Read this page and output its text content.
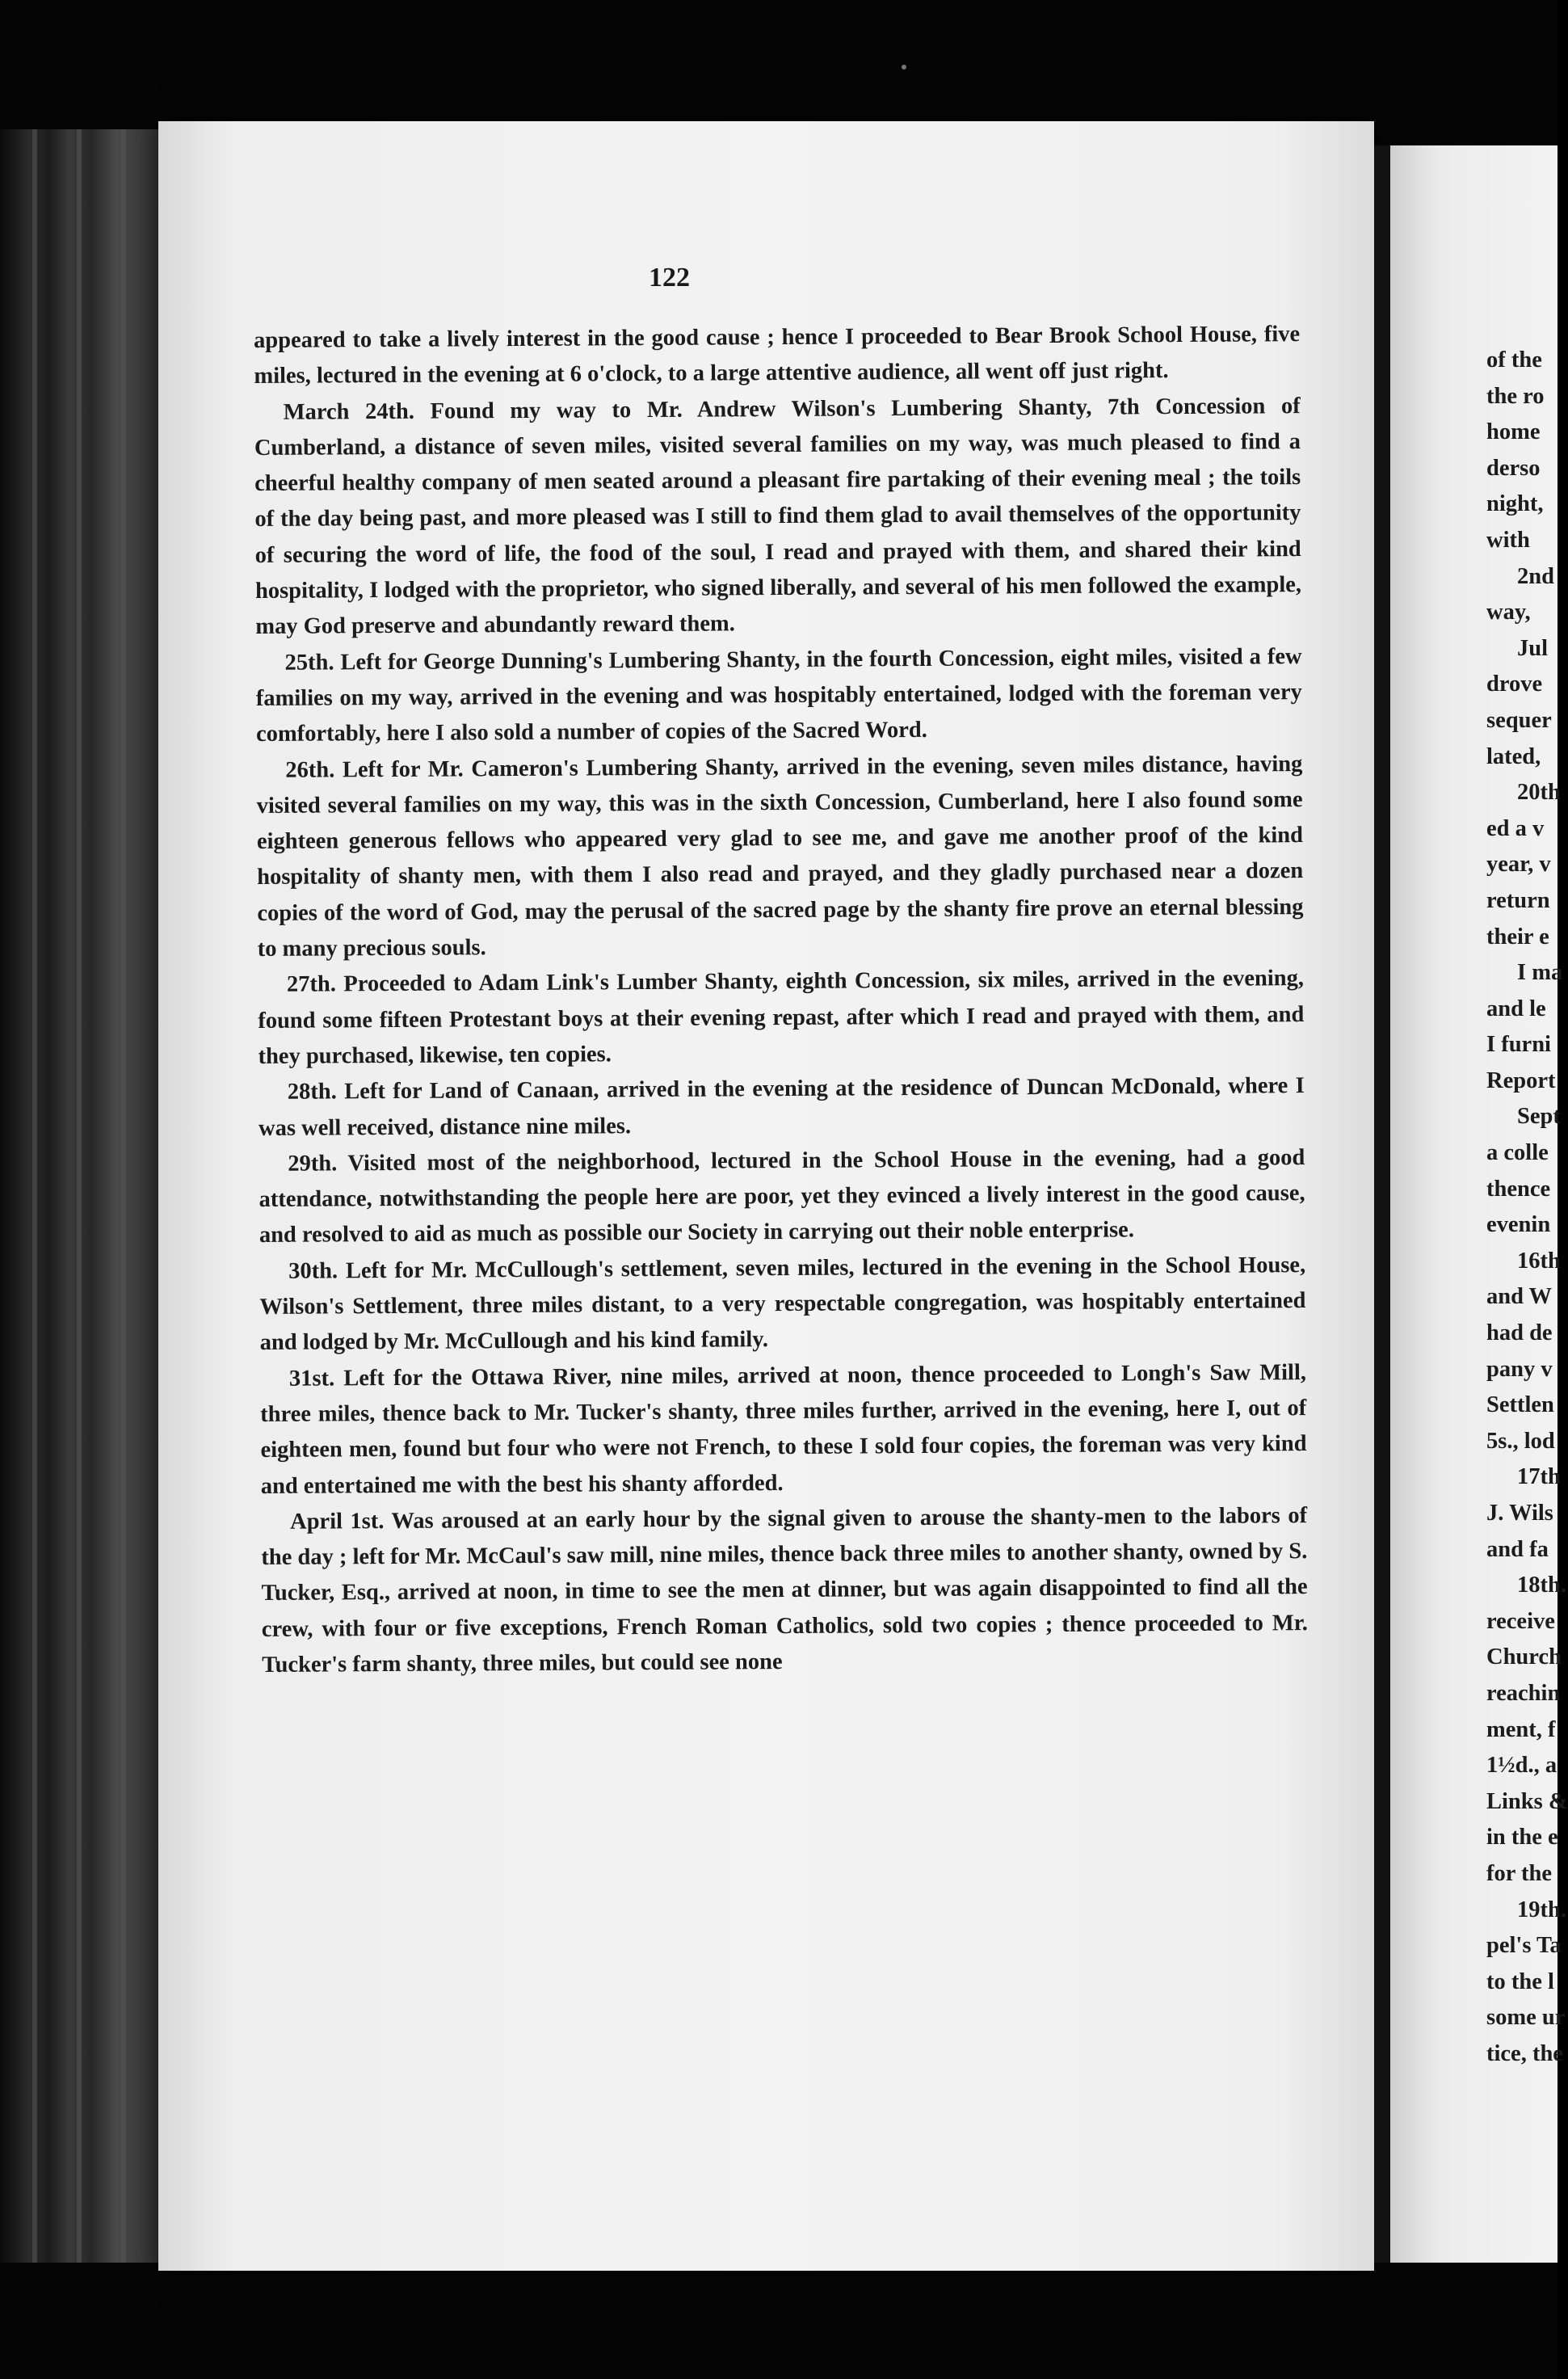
122

appeared to take a lively interest in the good cause ; hence I proceeded to Bear Brook School House, five miles, lectured in the evening at 6 o'clock, to a large attentive audience, all went off just right.

March 24th. Found my way to Mr. Andrew Wilson's Lumbering Shanty, 7th Concession of Cumberland, a distance of seven miles, visited several families on my way, was much pleased to find a cheerful healthy company of men seated around a pleasant fire partaking of their evening meal ; the toils of the day being past, and more pleased was I still to find them glad to avail themselves of the opportunity of securing the word of life, the food of the soul, I read and prayed with them, and shared their kind hospitality, I lodged with the proprietor, who signed liberally, and several of his men followed the example, may God preserve and abundantly reward them.

25th. Left for George Dunning's Lumbering Shanty, in the fourth Concession, eight miles, visited a few families on my way, arrived in the evening and was hospitably entertained, lodged with the foreman very comfortably, here I also sold a number of copies of the Sacred Word.

26th. Left for Mr. Cameron's Lumbering Shanty, arrived in the evening, seven miles distance, having visited several families on my way, this was in the sixth Concession, Cumberland, here I also found some eighteen generous fellows who appeared very glad to see me, and gave me another proof of the kind hospitality of shanty men, with them I also read and prayed, and they gladly purchased near a dozen copies of the word of God, may the perusal of the sacred page by the shanty fire prove an eternal blessing to many precious souls.

27th. Proceeded to Adam Link's Lumber Shanty, eighth Concession, six miles, arrived in the evening, found some fifteen Protestant boys at their evening repast, after which I read and prayed with them, and they purchased, likewise, ten copies.

28th. Left for Land of Canaan, arrived in the evening at the residence of Duncan McDonald, where I was well received, distance nine miles.

29th. Visited most of the neighborhood, lectured in the School House in the evening, had a good attendance, notwithstanding the people here are poor, yet they evinced a lively interest in the good cause, and resolved to aid as much as possible our Society in carrying out their noble enterprise.

30th. Left for Mr. McCullough's settlement, seven miles, lectured in the evening in the School House, Wilson's Settlement, three miles distant, to a very respectable congregation, was hospitably entertained and lodged by Mr. McCullough and his kind family.

31st. Left for the Ottawa River, nine miles, arrived at noon, thence proceeded to Longh's Saw Mill, three miles, thence back to Mr. Tucker's shanty, three miles further, arrived in the evening, here I, out of eighteen men, found but four who were not French, to these I sold four copies, the foreman was very kind and entertained me with the best his shanty afforded.

April 1st. Was aroused at an early hour by the signal given to arouse the shanty-men to the labors of the day ; left for Mr. McCaul's saw mill, nine miles, thence back three miles to another shanty, owned by S. Tucker, Esq., arrived at noon, in time to see the men at dinner, but was again disappointed to find all the crew, with four or five exceptions, French Roman Catholics, sold two copies ; thence proceeded to Mr. Tucker's farm shanty, three miles, but could see none

of the
the ro
home
derso
night,
with
2nd
way,
Jul
drove
sequer
lated,
20th
ed a v
year, v
return
their e
I ma
and le
I furni
Report
Sept
a colle
thence
evenin
16th
and W
had de
pany v
Settlen
5s., lod
17th
J. Wils
and fa
18th.
receive
Church
reachin
ment, f
1½d., a
Links &
in the e
for the
19th.
pel's Ta
to the l
some ur
tice, the
